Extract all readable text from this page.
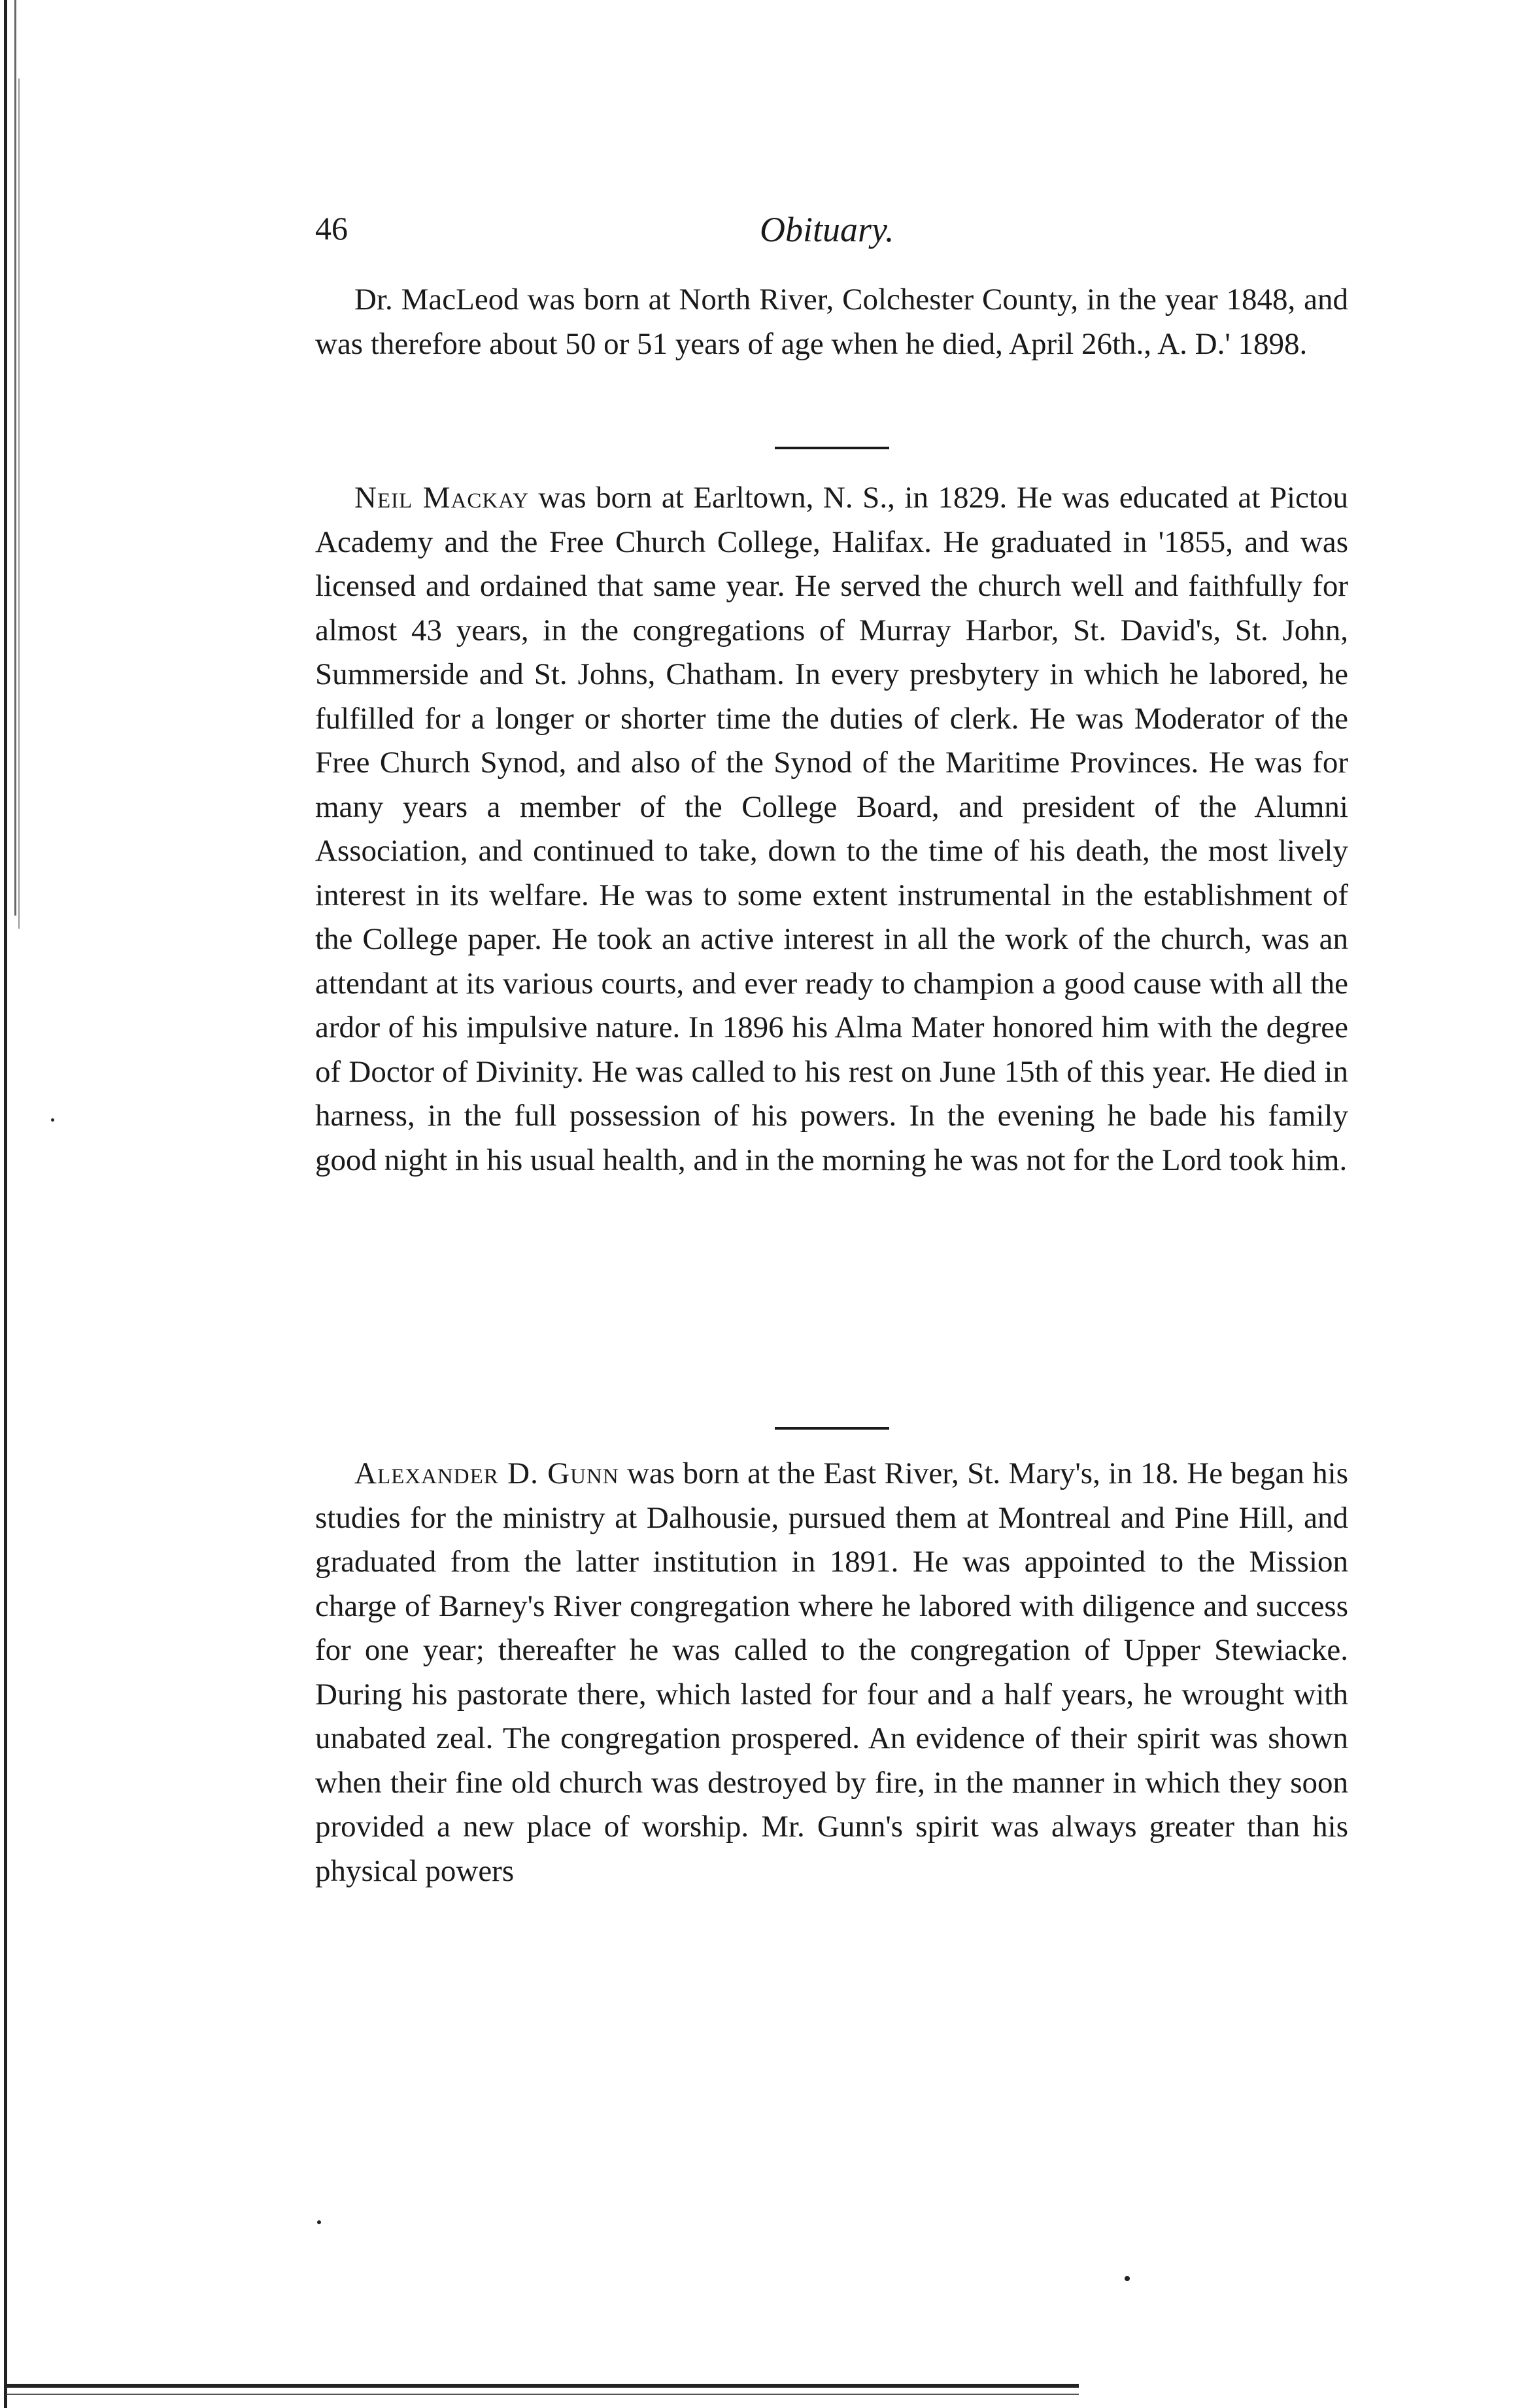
46	Obituary.

Dr. MacLeod was born at North River, Colchester County, in the year 1848, and was therefore about 50 or 51 years of age when he died, April 26th., A. D.' 1898.

Neil Mackay was born at Earltown, N. S., in 1829. He was educated at Pictou Academy and the Free Church College, Halifax. He graduated in '1855, and was licensed and ordained that same year. He served the church well and faithfully for almost 43 years, in the congregations of Murray Harbor, St. David's, St. John, Summerside and St. Johns, Chatham. In every presbytery in which he labored, he fulfilled for a longer or shorter time the duties of clerk. He was Moderator of the Free Church Synod, and also of the Synod of the Maritime Provinces. He was for many years a member of the College Board, and president of the Alumni Association, and continued to take, down to the time of his death, the most lively interest in its welfare. He was to some extent instrumental in the establishment of the College paper. He took an active interest in all the work of the church, was an attendant at its various courts, and ever ready to champion a good cause with all the ardor of his impulsive nature. In 1896 his Alma Mater honored him with the degree of Doctor of Divinity. He was called to his rest on June 15th of this year. He died in harness, in the full possession of his powers. In the evening he bade his family good night in his usual health, and in the morning he was not for the Lord took him.

Alexander D. Gunn was born at the East River, St. Mary's, in 18. He began his studies for the ministry at Dalhousie, pursued them at Montreal and Pine Hill, and graduated from the latter institution in 1891. He was appointed to the Mission charge of Barney's River congregation where he labored with diligence and success for one year; thereafter he was called to the congregation of Upper Stewiacke. During his pastorate there, which lasted for four and a half years, he wrought with unabated zeal. The congregation prospered. An evidence of their spirit was shown when their fine old church was destroyed by fire, in the manner in which they soon provided a new place of worship. Mr. Gunn's spirit was always greater than his physical powers
